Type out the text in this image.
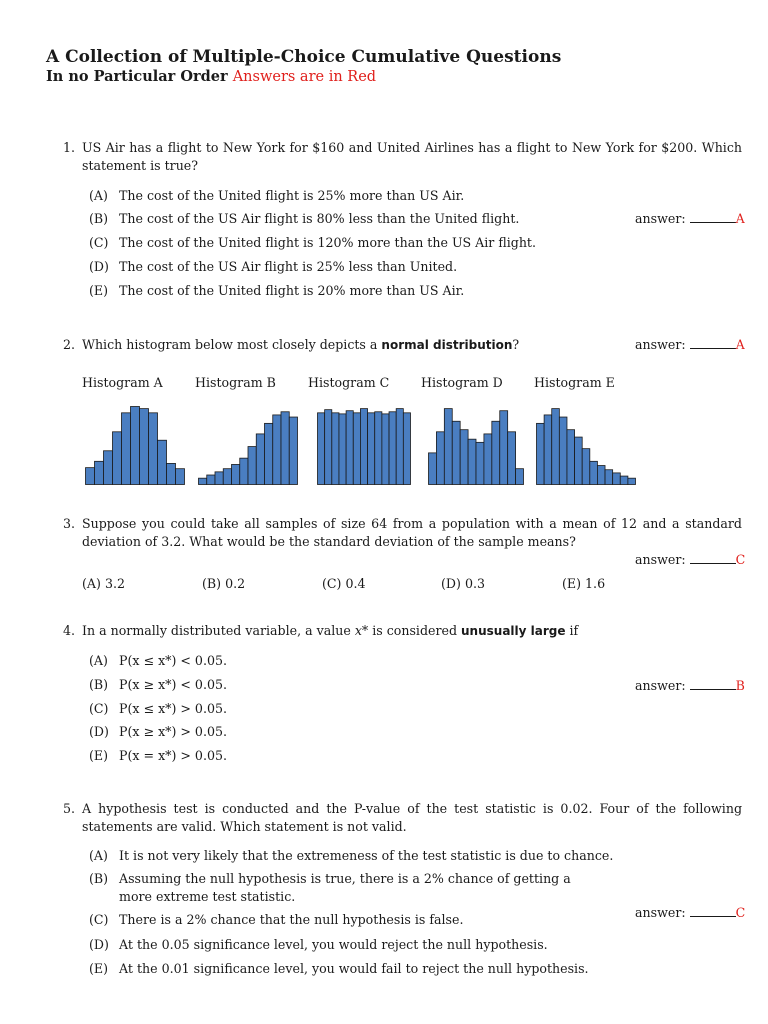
A Collection of Multiple-Choice Cumulative Questions
In no Particular Order Answers are in Red
1. US Air has a flight to New York for $160 and United Airlines has a flight to New York for $200. Which statement is true?
(A) The cost of the United flight is 25% more than US Air.
(B) The cost of the US Air flight is 80% less than the United flight.
(C) The cost of the United flight is 120% more than the US Air flight.
(D) The cost of the US Air flight is 25% less than United.
(E) The cost of the United flight is 20% more than US Air.
answer:	A
2. Which histogram below most closely depicts a normal distribution?	answer:	A
Histogram A	Histogram B	Histogram C	Histogram D Histogram E
3. Suppose you could take all samples of size 64 from a population with a mean of 12 and a standard deviation of 3.2. What would be the standard deviation of the sample means?
answer:	C
(A) 3.2	(B) 0.2	(C) 0.4	(D) 0.3	(E) 1.6
4. In a normally distributed variable, a value x* is considered unusually large if
(A) P(x ≤ x*) < 0.05.
(B) P(x ≥ x*) < 0.05.
(C) P(x ≤ x*) > 0.05.
(D) P(x ≥ x*) > 0.05.
(E) P(x = x*) > 0.05.
answer:	B
5. A hypothesis test is conducted and the P-value of the test statistic is 0.02. Four of the following statements are valid. Which statement is not valid.
(A) It is not very likely that the extremeness of the test statistic is due to chance.
(B) Assuming the null hypothesis is true, there is a 2% chance of getting a more extreme test statistic.
(C) There is a 2% chance that the null hypothesis is false.
(D) At the 0.05 significance level, you would reject the null hypothesis.
(E) At the 0.01 significance level, you would fail to reject the null hypothesis.
answer:	C
